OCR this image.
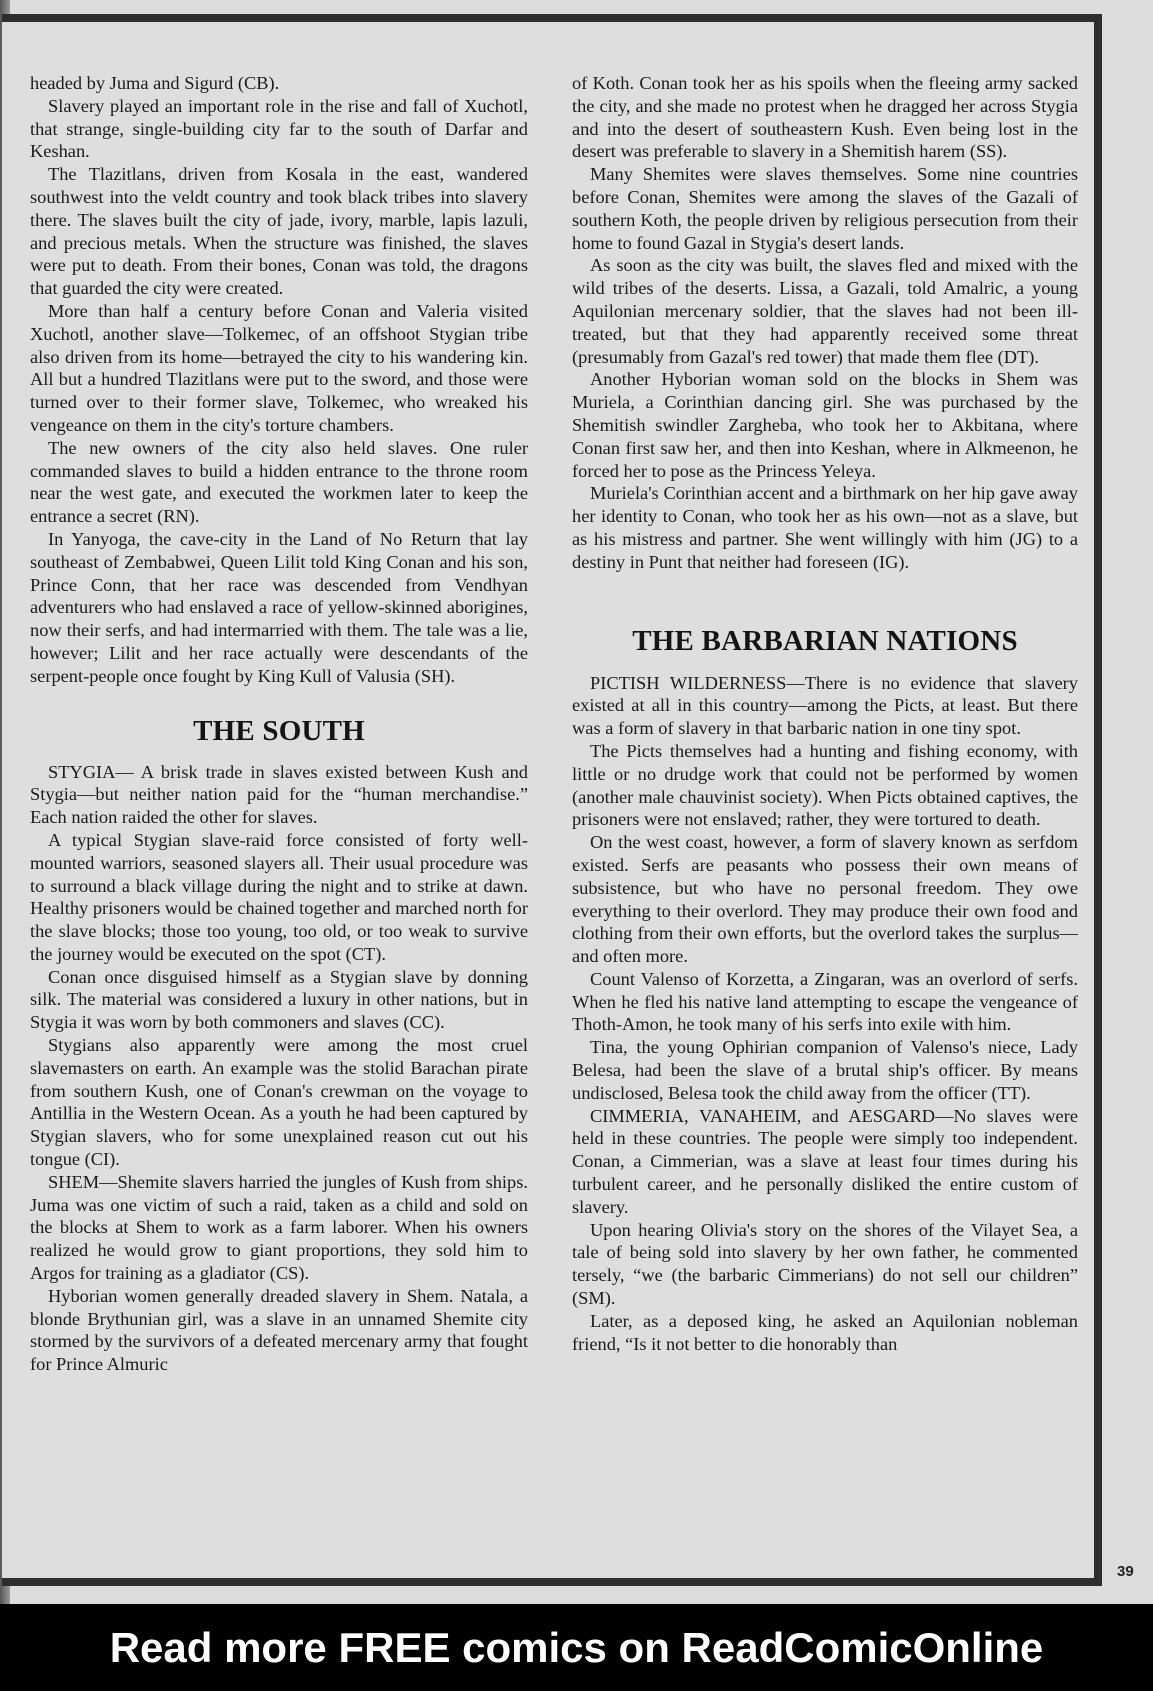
headed by Juma and Sigurd (CB).

Slavery played an important role in the rise and fall of Xuchotl, that strange, single-building city far to the south of Darfar and Keshan.

The Tlazitlans, driven from Kosala in the east, wandered southwest into the veldt country and took black tribes into slavery there. The slaves built the city of jade, ivory, marble, lapis lazuli, and precious metals. When the structure was finished, the slaves were put to death. From their bones, Conan was told, the dragons that guarded the city were created.

More than half a century before Conan and Valeria visited Xuchotl, another slave—Tolkemec, of an offshoot Stygian tribe also driven from its home—betrayed the city to his wandering kin. All but a hundred Tlazitlans were put to the sword, and those were turned over to their former slave, Tolkemec, who wreaked his vengeance on them in the city's torture chambers.

The new owners of the city also held slaves. One ruler commanded slaves to build a hidden entrance to the throne room near the west gate, and executed the workmen later to keep the entrance a secret (RN).

In Yanyoga, the cave-city in the Land of No Return that lay southeast of Zembabwei, Queen Lilit told King Conan and his son, Prince Conn, that her race was descended from Vendhyan adventurers who had enslaved a race of yellow-skinned aborigines, now their serfs, and had intermarried with them. The tale was a lie, however; Lilit and her race actually were descendants of the serpent-people once fought by King Kull of Valusia (SH).

THE SOUTH

STYGIA— A brisk trade in slaves existed between Kush and Stygia—but neither nation paid for the “human merchandise.” Each nation raided the other for slaves.

A typical Stygian slave-raid force consisted of forty well-mounted warriors, seasoned slayers all. Their usual procedure was to surround a black village during the night and to strike at dawn. Healthy prisoners would be chained together and marched north for the slave blocks; those too young, too old, or too weak to survive the journey would be executed on the spot (CT).

Conan once disguised himself as a Stygian slave by donning silk. The material was considered a luxury in other nations, but in Stygia it was worn by both commoners and slaves (CC).

Stygians also apparently were among the most cruel slavemasters on earth. An example was the stolid Barachan pirate from southern Kush, one of Conan's crewman on the voyage to Antillia in the Western Ocean. As a youth he had been captured by Stygian slavers, who for some unexplained reason cut out his tongue (CI).

SHEM—Shemite slavers harried the jungles of Kush from ships. Juma was one victim of such a raid, taken as a child and sold on the blocks at Shem to work as a farm laborer. When his owners realized he would grow to giant proportions, they sold him to Argos for training as a gladiator (CS).

Hyborian women generally dreaded slavery in Shem. Natala, a blonde Brythunian girl, was a slave in an unnamed Shemite city stormed by the survivors of a defeated mercenary army that fought for Prince Almuric

of Koth. Conan took her as his spoils when the fleeing army sacked the city, and she made no protest when he dragged her across Stygia and into the desert of southeastern Kush. Even being lost in the desert was preferable to slavery in a Shemitish harem (SS).

Many Shemites were slaves themselves. Some nine countries before Conan, Shemites were among the slaves of the Gazali of southern Koth, the people driven by religious persecution from their home to found Gazal in Stygia's desert lands.

As soon as the city was built, the slaves fled and mixed with the wild tribes of the deserts. Lissa, a Gazali, told Amalric, a young Aquilonian mercenary soldier, that the slaves had not been ill-treated, but that they had apparently received some threat (presumably from Gazal's red tower) that made them flee (DT).

Another Hyborian woman sold on the blocks in Shem was Muriela, a Corinthian dancing girl. She was purchased by the Shemitish swindler Zargheba, who took her to Akbitana, where Conan first saw her, and then into Keshan, where in Alkmeenon, he forced her to pose as the Princess Yeleya.

Muriela's Corinthian accent and a birthmark on her hip gave away her identity to Conan, who took her as his own—not as a slave, but as his mistress and partner. She went willingly with him (JG) to a destiny in Punt that neither had foreseen (IG).

THE BARBARIAN NATIONS

PICTISH WILDERNESS—There is no evidence that slavery existed at all in this country—among the Picts, at least. But there was a form of slavery in that barbaric nation in one tiny spot.

The Picts themselves had a hunting and fishing economy, with little or no drudge work that could not be performed by women (another male chauvinist society). When Picts obtained captives, the prisoners were not enslaved; rather, they were tortured to death.

On the west coast, however, a form of slavery known as serfdom existed. Serfs are peasants who possess their own means of subsistence, but who have no personal freedom. They owe everything to their overlord. They may produce their own food and clothing from their own efforts, but the overlord takes the surplus—and often more.

Count Valenso of Korzetta, a Zingaran, was an overlord of serfs. When he fled his native land attempting to escape the vengeance of Thoth-Amon, he took many of his serfs into exile with him.

Tina, the young Ophirian companion of Valenso's niece, Lady Belesa, had been the slave of a brutal ship's officer. By means undisclosed, Belesa took the child away from the officer (TT).

CIMMERIA, VANAHEIM, and AESGARD—No slaves were held in these countries. The people were simply too independent. Conan, a Cimmerian, was a slave at least four times during his turbulent career, and he personally disliked the entire custom of slavery.

Upon hearing Olivia's story on the shores of the Vilayet Sea, a tale of being sold into slavery by her own father, he commented tersely, “we (the barbaric Cimmerians) do not sell our children” (SM).

Later, as a deposed king, he asked an Aquilonian nobleman friend, “Is it not better to die honorably than

39
Read more FREE comics on ReadComicOnline
